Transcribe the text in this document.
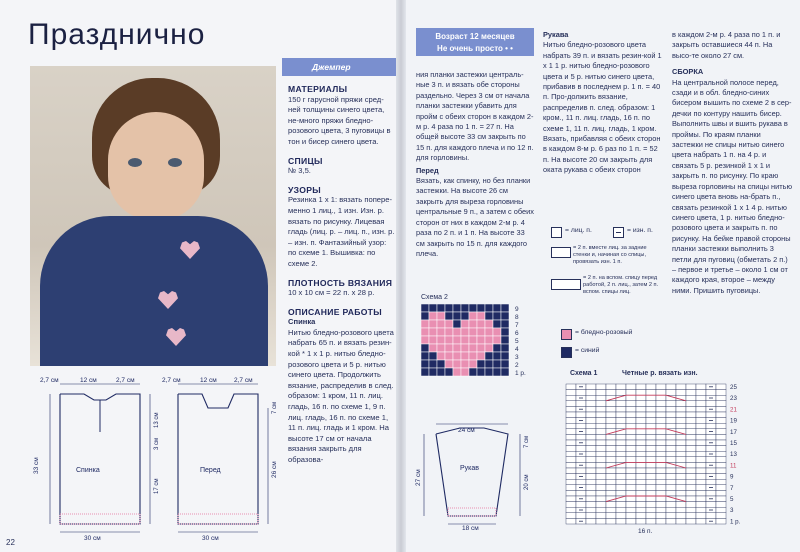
Празднично
Джемпер
МАТЕРИАЛЫ
150 г гарусной пряжи сред-ней толщины синего цвета, не-много пряжи бледно-розового цвета, 3 пуговицы в тон и бисер синего цвета.
СПИЦЫ
№ 3,5.
УЗОРЫ
Резинка 1 х 1: вязать попере-менно 1 лиц., 1 изн. Изн. р. вязать по рисунку. Лицевая гладь (лиц. р. – лиц. п., изн. р. – изн. п. Фантазийный узор: по схеме 1. Вышивка: по схеме 2.
ПЛОТНОСТЬ ВЯЗАНИЯ
10 х 10 см = 22 п. x 28 р.
ОПИСАНИЕ РАБОТЫ
Спинка
Нитью бледно-розового цвета набрать 65 п. и вязать резин-кой * 1 х 1 р. нитью бледно-розового цвета и 5 р. нитью синего цвета. Продолжить вязание, распределив в след. образом: 1 кром, 11 п. лиц. гладь, 16 п. по схеме 1, 9 п. лиц. гладь, 16 п. по схеме 1, 11 п. лиц. гладь и 1 кром. На высоте 17 см от начала вязания закрыть для образова-
Возраст 12 месяцев
Не очень просто • •
ния планки застежки централь-ные 3 п. и вязать обе стороны раздельно. Через 3 см от начала планки застежки убавить для пройм с обеих сторон в каждом 2-м р. 4 раза по 1 п. = 27 п. На общей высоте 33 см закрыть по 15 п. для каждого плеча и по 12 п. для горловины.
Перед
Вязать, как спинку, но без планки застежки. На высоте 26 см закрыть для выреза горловины центральные 9 п., а затем с обеих сторон от них в каждом 2-м р. 4 раза по 2 п. и 1 п. На высоте 33 см закрыть по 15 п. для каждого плеча.
Схема 2
9
8
7
6
5
4
3
2
1 р.
Рукава
Нитью бледно-розового цвета набрать 39 п. и вязать резин-кой 1 х 1 1 р. нитью бледно-розового цвета и 5 р. нитью синего цвета, прибавив в последнем р. 1 п. = 40 п. Про-должить вязание, распределив п. след. образом: 1 кром., 11 п. лиц. гладь, 16 п. по схеме 1, 11 п. лиц. гладь, 1 кром. Вязать, прибавляя с обеих сторон в каждом 8-м р. 6 раз по 1 п. = 52 п. На высоте 20 см закрыть для окатa рукава с обеих сторон
= лиц. п.	= изн. п.
= 2 п. вместе лиц. за задние стенки и, начиная со спицы, провязать изн. 1 п.
= 2 п. на вспом. спицу перед работой, 2 п. лиц., затем 2 п. вспом. спицы лиц.
= бледно-розовый
= синий
в каждом 2-м р. 4 раза по 1 п. и закрыть оставшиеся 44 п. На высо-те около 27 см.
СБОРКА
На центральной полосе перед, сзади и в обл. бледно-синих бисером вышить по схеме 2 в сер-дечки по контуру нашить бисер. Выполнить швы и вшить рукава в проймы. По краям планки застежки не спицы нитью синего цвета набрать 1 п. на 4 р. и связать 5 р. резинкой 1 х 1 и закрыть п. по рисунку. По краю выреза горловины на спицы нитью синего цвета вновь на-брать п., связать резинкой 1 х 1 4 р. нитью синего цвета, 1 р. нитью бледно-розового цвета и закрыть п. по рисунку. На бейке правой стороны планки застежки выполнить 3 петли для пуговиц (обметать 2 п.) – первое и третье – около 1 см от каждого края, второе – между ними. Пришить пуговицы.
Схема 1	Четные р. вязать изн.
25
23
21
19
17
15
13
11
9
7
5
3
1 р.
16 п.
2,7 см	12 см	2,7 см	2,7 см	12 см	2,7 см
Спинка	Перед
30 см	30 см
33 см
13 см
3 см
17 см
26 см
7 см
24 см
18 см
Рукав
27 см	20 см
7 см
22
